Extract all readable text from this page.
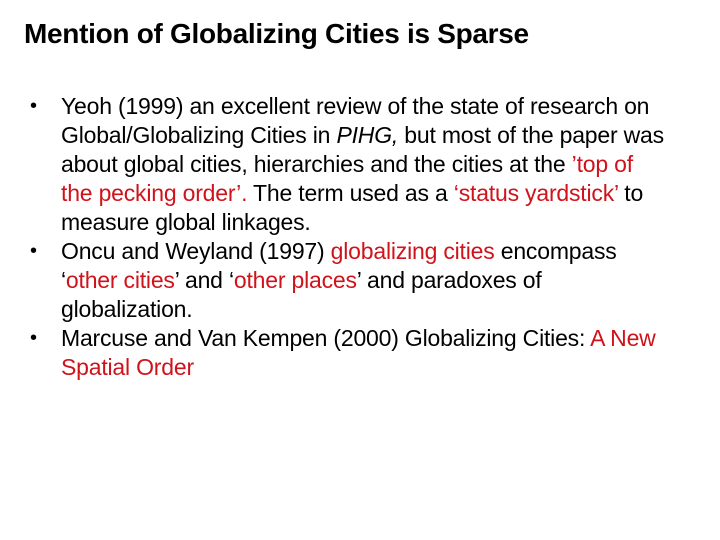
Mention of Globalizing Cities is Sparse
• Yeoh (1999) an excellent review of the state of research on Global/Globalizing Cities in PIHG, but most of the paper was about global cities, hierarchies and the cities at the ’top of the pecking order’. The term used as a ‘status yardstick’ to measure global linkages.
• Oncu and Weyland (1997) globalizing cities encompass ‘other cities’ and ‘other places’ and paradoxes of globalization.
• Marcuse and Van Kempen (2000) Globalizing Cities: A New Spatial Order
